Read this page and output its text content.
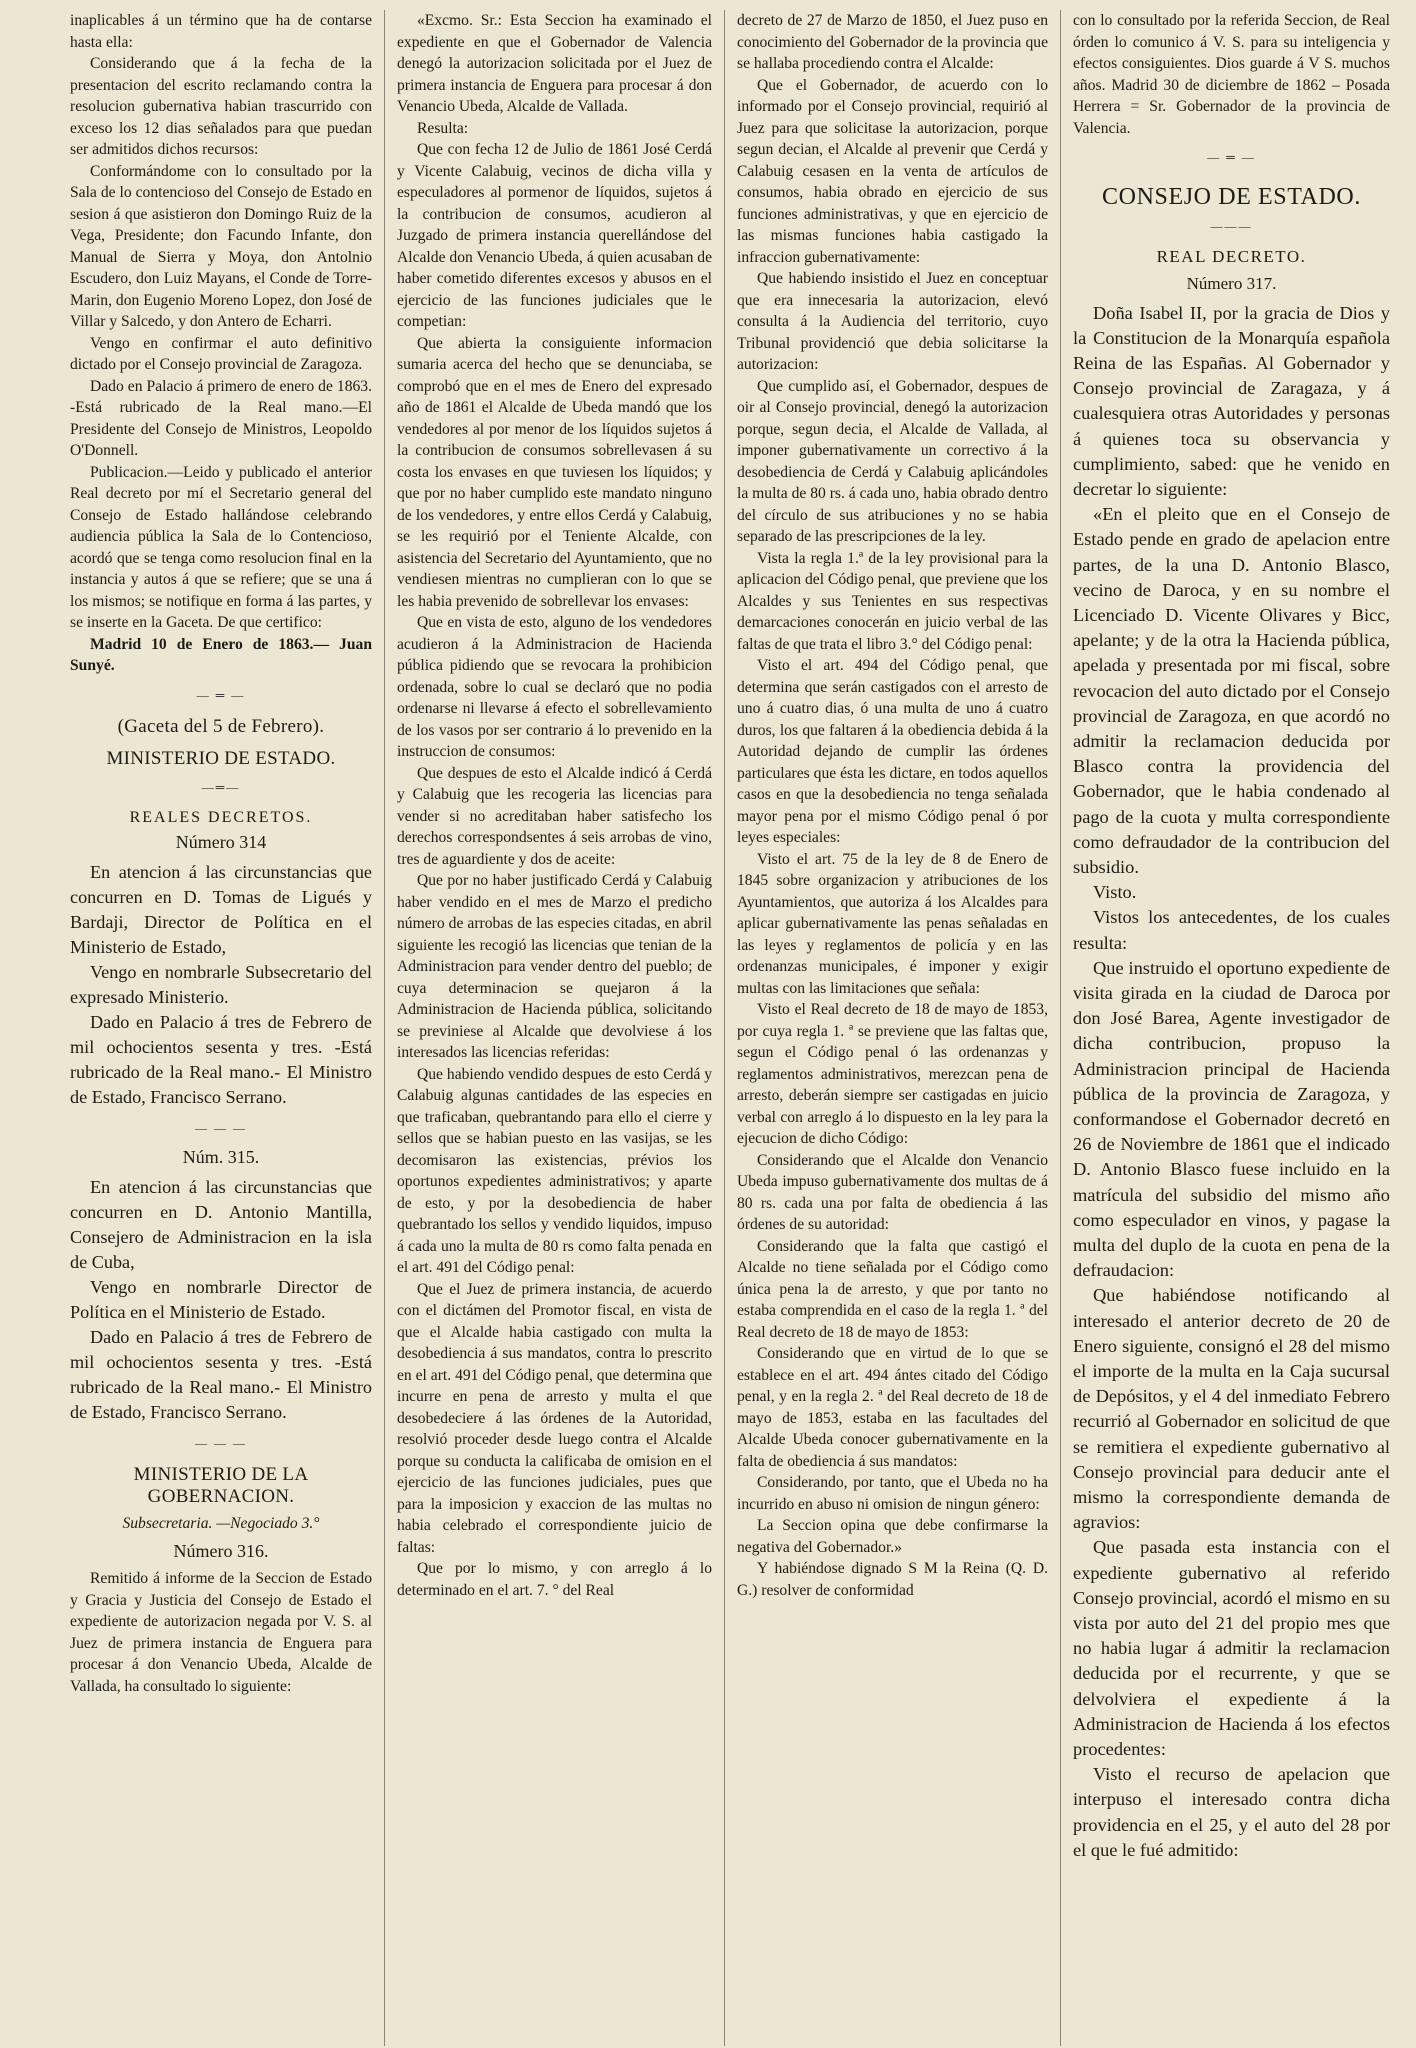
inaplicables á un término que ha de contarse hasta ella:

Considerando que á la fecha de la presentacion del escrito reclamando contra la resolucion gubernativa habian trascurrido con exceso los 12 dias señalados para que puedan ser admitidos dichos recursos:

Conformándome con lo consultado por la Sala de lo contencioso del Consejo de Estado en sesion á que asistieron don Domingo Ruiz de la Vega, Presidente; don Facundo Infante, don Manual de Sierra y Moya, don Antolnio Escudero, don Luiz Mayans, el Conde de Torre-Marin, don Eugenio Moreno Lopez, don José de Villar y Salcedo, y don Antero de Echarri.

Vengo en confirmar el auto definitivo dictado por el Consejo provincial de Zaragoza.

Dado en Palacio á primero de enero de 1863. -Está rubricado de la Real mano.—El Presidente del Consejo de Ministros, Leopoldo O'Donnell.

Publicacion.—Leido y publicado el anterior Real decreto por mí el Secretario general del Consejo de Estado hallándose celebrando audiencia pública la Sala de lo Contencioso, acordó que se tenga como resolucion final en la instancia y autos á que se refiere; que se una á los mismos; se notifique en forma á las partes, y se inserte en la Gaceta. De que certifico:

Madrid 10 de Enero de 1863.— Juan Sunyé.

— ═ —
(Gaceta del 5 de Febrero).
MINISTERIO DE ESTADO.
—═—
REALES DECRETOS.
Número 314

En atencion á las circunstancias que concurren en D. Tomas de Ligués y Bardaji, Director de Política en el Ministerio de Estado,

Vengo en nombrarle Subsecretario del expresado Ministerio.

Dado en Palacio á tres de Febrero de mil ochocientos sesenta y tres. -Está rubricado de la Real mano.- El Ministro de Estado, Francisco Serrano.

— — —
Núm. 315.

En atencion á las circunstancias que concurren en D. Antonio Mantilla, Consejero de Administracion en la isla de Cuba,

Vengo en nombrarle Director de Política en el Ministerio de Estado.

Dado en Palacio á tres de Febrero de mil ochocientos sesenta y tres. -Está rubricado de la Real mano.- El Ministro de Estado, Francisco Serrano.

— — —
MINISTERIO DE LA GOBERNACION.
Subsecretaria. —Negociado 3.°
Número 316.

Remitido á informe de la Seccion de Estado y Gracia y Justicia del Consejo de Estado el expediente de autorizacion negada por V. S. al Juez de primera instancia de Enguera para procesar á don Venancio Ubeda, Alcalde de Vallada, ha consultado lo siguiente:

«Excmo. Sr.: Esta Seccion ha examinado el expediente en que el Gobernador de Valencia denegó la autorizacion solicitada por el Juez de primera instancia de Enguera para procesar á don Venancio Ubeda, Alcalde de Vallada.

Resulta:

Que con fecha 12 de Julio de 1861 José Cerdá y Vicente Calabuig, vecinos de dicha villa y especuladores al pormenor de líquidos, sujetos á la contribucion de consumos, acudieron al Juzgado de primera instancia querellándose del Alcalde don Venancio Ubeda, á quien acusaban de haber cometido diferentes excesos y abusos en el ejercicio de las funciones judiciales que le competian:

Que abierta la consiguiente informacion sumaria acerca del hecho que se denunciaba, se comprobó que en el mes de Enero del expresado año de 1861 el Alcalde de Ubeda mandó que los vendedores al por menor de los líquidos sujetos á la contribucion de consumos sobrellevasen á su costa los envases en que tuviesen los líquidos; y que por no haber cumplido este mandato ninguno de los vendedores, y entre ellos Cerdá y Calabuig, se les requirió por el Teniente Alcalde, con asistencia del Secretario del Ayuntamiento, que no vendiesen mientras no cumplieran con lo que se les habia prevenido de sobrellevar los envases:

Que en vista de esto, alguno de los vendedores acudieron á la Administracion de Hacienda pública pidiendo que se revocara la prohibicion ordenada, sobre lo cual se declaró que no podia ordenarse ni llevarse á efecto el sobrellevamiento de los vasos por ser contrario á lo prevenido en la instruccion de consumos:

Que despues de esto el Alcalde indicó á Cerdá y Calabuig que les recogeria las licencias para vender si no acreditaban haber satisfecho los derechos correspondsentes á seis arrobas de vino, tres de aguardiente y dos de aceite:

Que por no haber justificado Cerdá y Calabuig haber vendido en el mes de Marzo el predicho número de arrobas de las especies citadas, en abril siguiente les recogió las licencias que tenian de la Administracion para vender dentro del pueblo; de cuya determinacion se quejaron á la Administracion de Hacienda pública, solicitando se previniese al Alcalde que devolviese á los interesados las licencias referidas:

Que habiendo vendido despues de esto Cerdá y Calabuig algunas cantidades de las especies en que traficaban, quebrantando para ello el cierre y sellos que se habian puesto en las vasijas, se les decomisaron las existencias, prévios los oportunos expedientes administrativos; y aparte de esto, y por la desobediencia de haber quebrantado los sellos y vendido liquidos, impuso á cada uno la multa de 80 rs como falta penada en el art. 491 del Código penal:

Que el Juez de primera instancia, de acuerdo con el dictámen del Promotor fiscal, en vista de que el Alcalde habia castigado con multa la desobediencia á sus mandatos, contra lo prescrito en el art. 491 del Código penal, que determina que incurre en pena de arresto y multa el que desobedeciere á las órdenes de la Autoridad, resolvió proceder desde luego contra el Alcalde porque su conducta la calificaba de omision en el ejercicio de las funciones judiciales, pues que para la imposicion y exaccion de las multas no habia celebrado el correspondiente juicio de faltas:

Que por lo mismo, y con arreglo á lo determinado en el art. 7. ° del Real

decreto de 27 de Marzo de 1850, el Juez puso en conocimiento del Gobernador de la provincia que se hallaba procediendo contra el Alcalde:

Que el Gobernador, de acuerdo con lo informado por el Consejo provincial, requirió al Juez para que solicitase la autorizacion, porque segun decian, el Alcalde al prevenir que Cerdá y Calabuig cesasen en la venta de artículos de consumos, habia obrado en ejercicio de sus funciones administrativas, y que en ejercicio de las mismas funciones habia castigado la infraccion gubernativamente:

Que habiendo insistido el Juez en conceptuar que era innecesaria la autorizacion, elevó consulta á la Audiencia del territorio, cuyo Tribunal providenció que debia solicitarse la autorizacion:

Que cumplido así, el Gobernador, despues de oir al Consejo provincial, denegó la autorizacion porque, segun decia, el Alcalde de Vallada, al imponer gubernativamente un correctivo á la desobediencia de Cerdá y Calabuig aplicándoles la multa de 80 rs. á cada uno, habia obrado dentro del círculo de sus atribuciones y no se habia separado de las prescripciones de la ley.

Vista la regla 1.ª de la ley provisional para la aplicacion del Código penal, que previene que los Alcaldes y sus Tenientes en sus respectivas demarcaciones conocerán en juicio verbal de las faltas de que trata el libro 3.° del Código penal:

Visto el art. 494 del Código penal, que determina que serán castigados con el arresto de uno á cuatro dias, ó una multa de uno á cuatro duros, los que faltaren á la obediencia debida á la Autoridad dejando de cumplir las órdenes particulares que ésta les dictare, en todos aquellos casos en que la desobediencia no tenga señalada mayor pena por el mismo Código penal ó por leyes especiales:

Visto el art. 75 de la ley de 8 de Enero de 1845 sobre organizacion y atribuciones de los Ayuntamientos, que autoriza á los Alcaldes para aplicar gubernativamente las penas señaladas en las leyes y reglamentos de policía y en las ordenanzas municipales, é imponer y exigir multas con las limitaciones que señala:

Visto el Real decreto de 18 de mayo de 1853, por cuya regla 1. ª se previene que las faltas que, segun el Código penal ó las ordenanzas y reglamentos administrativos, merezcan pena de arresto, deberán siempre ser castigadas en juicio verbal con arreglo á lo dispuesto en la ley para la ejecucion de dicho Código:

Considerando que el Alcalde don Venancio Ubeda impuso gubernativamente dos multas de á 80 rs. cada una por falta de obediencia á las órdenes de su autoridad:

Considerando que la falta que castigó el Alcalde no tiene señalada por el Código como única pena la de arresto, y que por tanto no estaba comprendida en el caso de la regla 1. ª del Real decreto de 18 de mayo de 1853:

Considerando que en virtud de lo que se establece en el art. 494 ántes citado del Código penal, y en la regla 2. ª del Real decreto de 18 de mayo de 1853, estaba en las facultades del Alcalde Ubeda conocer gubernativamente en la falta de obediencia á sus mandatos:

Considerando, por tanto, que el Ubeda no ha incurrido en abuso ni omision de ningun género:

La Seccion opina que debe confirmarse la negativa del Gobernador.»

Y habiéndose dignado S M la Reina (Q. D. G.) resolver de conformidad

con lo consultado por la referida Seccion, de Real órden lo comunico á V. S. para su inteligencia y efectos consiguientes. Dios guarde á V S. muchos años. Madrid 30 de diciembre de 1862 – Posada Herrera = Sr. Gobernador de la provincia de Valencia.

— ═ —
CONSEJO DE ESTADO.
———
REAL DECRETO.
Número 317.

Doña Isabel II, por la gracia de Dios y la Constitucion de la Monarquía española Reina de las Españas. Al Gobernador y Consejo provincial de Zaragaza, y á cualesquiera otras Autoridades y personas á quienes toca su observancia y cumplimiento, sabed: que he venido en decretar lo siguiente:

«En el pleito que en el Consejo de Estado pende en grado de apelacion entre partes, de la una D. Antonio Blasco, vecino de Daroca, y en su nombre el Licenciado D. Vicente Olivares y Bicc, apelante; y de la otra la Hacienda pública, apelada y presentada por mi fiscal, sobre revocacion del auto dictado por el Consejo provincial de Zaragoza, en que acordó no admitir la reclamacion deducida por Blasco contra la providencia del Gobernador, que le habia condenado al pago de la cuota y multa correspondiente como defraudador de la contribucion del subsidio.

Visto.

Vistos los antecedentes, de los cuales resulta:

Que instruido el oportuno expediente de visita girada en la ciudad de Daroca por don José Barea, Agente investigador de dicha contribucion, propuso la Administracion principal de Hacienda pública de la provincia de Zaragoza, y conformandose el Gobernador decretó en 26 de Noviembre de 1861 que el indicado D. Antonio Blasco fuese incluido en la matrícula del subsidio del mismo año como especulador en vinos, y pagase la multa del duplo de la cuota en pena de la defraudacion:

Que habiéndose notificando al interesado el anterior decreto de 20 de Enero siguiente, consignó el 28 del mismo el importe de la multa en la Caja sucursal de Depósitos, y el 4 del inmediato Febrero recurrió al Gobernador en solicitud de que se remitiera el expediente gubernativo al Consejo provincial para deducir ante el mismo la correspondiente demanda de agravios:

Que pasada esta instancia con el expediente gubernativo al referido Consejo provincial, acordó el mismo en su vista por auto del 21 del propio mes que no habia lugar á admitir la reclamacion deducida por el recurrente, y que se delvolviera el expediente á la Administracion de Hacienda á los efectos procedentes:

Visto el recurso de apelacion que interpuso el interesado contra dicha providencia en el 25, y el auto del 28 por el que le fué admitido:
